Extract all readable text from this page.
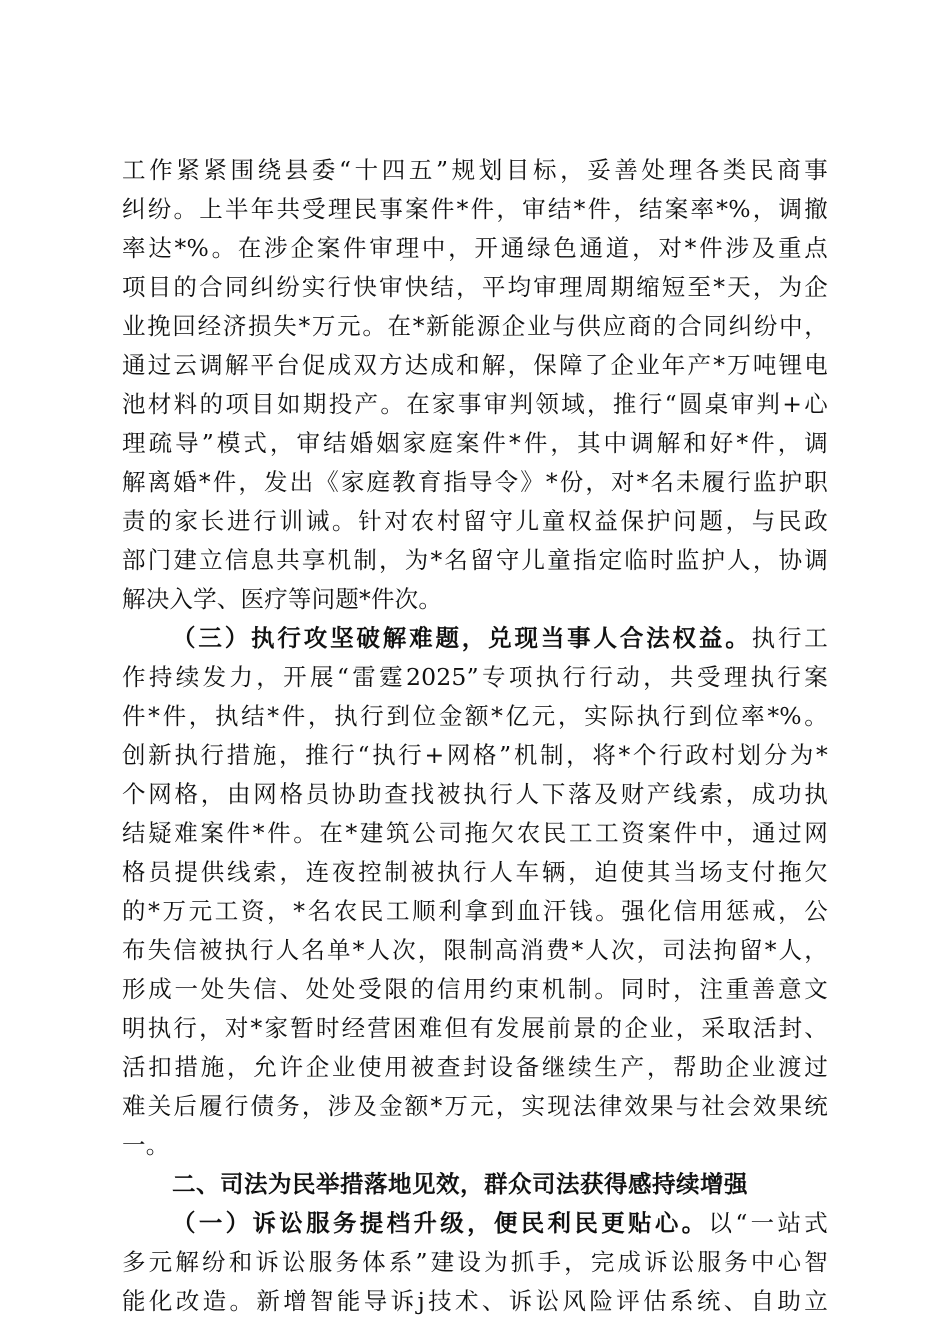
工作紧紧围绕县委“十四五”规划目标，妥善处理各类民商事
纠纷。上半年共受理民事案件*件，审结*件，结案率*%，调撤
率达*%。在涉企案件审理中，开通绿色通道，对*件涉及重点
项目的合同纠纷实行快审快结，平均审理周期缩短至*天，为企
业挽回经济损失*万元。在*新能源企业与供应商的合同纠纷中，
通过云调解平台促成双方达成和解，保障了企业年产*万吨锂电
池材料的项目如期投产。在家事审判领域，推行“圆桌审判+心
理疏导”模式，审结婚姻家庭案件*件，其中调解和好*件，调
解离婚*件，发出《家庭教育指导令》*份，对*名未履行监护职
责的家长进行训诫。针对农村留守儿童权益保护问题，与民政
部门建立信息共享机制，为*名留守儿童指定临时监护人，协调
解决入学、医疗等问题*件次。
（三）执行攻坚破解难题，兑现当事人合法权益。执行工
作持续发力，开展“雷霆2025”专项执行行动，共受理执行案
件*件，执结*件，执行到位金额*亿元，实际执行到位率*%。
创新执行措施，推行“执行+网格”机制，将*个行政村划分为*
个网格，由网格员协助查找被执行人下落及财产线索，成功执
结疑难案件*件。在*建筑公司拖欠农民工工资案件中，通过网
格员提供线索，连夜控制被执行人车辆，迫使其当场支付拖欠
的*万元工资，*名农民工顺利拿到血汗钱。强化信用惩戒，公
布失信被执行人名单*人次，限制高消费*人次，司法拘留*人，
形成一处失信、处处受限的信用约束机制。同时，注重善意文
明执行，对*家暂时经营困难但有发展前景的企业，采取活封、
活扣措施，允许企业使用被查封设备继续生产，帮助企业渡过
难关后履行债务，涉及金额*万元，实现法律效果与社会效果统
一。
二、司法为民举措落地见效，群众司法获得感持续增强
（一）诉讼服务提档升级，便民利民更贴心。以“一站式
多元解纷和诉讼服务体系”建设为抓手，完成诉讼服务中心智
能化改造。新增智能导诉j技术、诉讼风险评估系统、自助立
